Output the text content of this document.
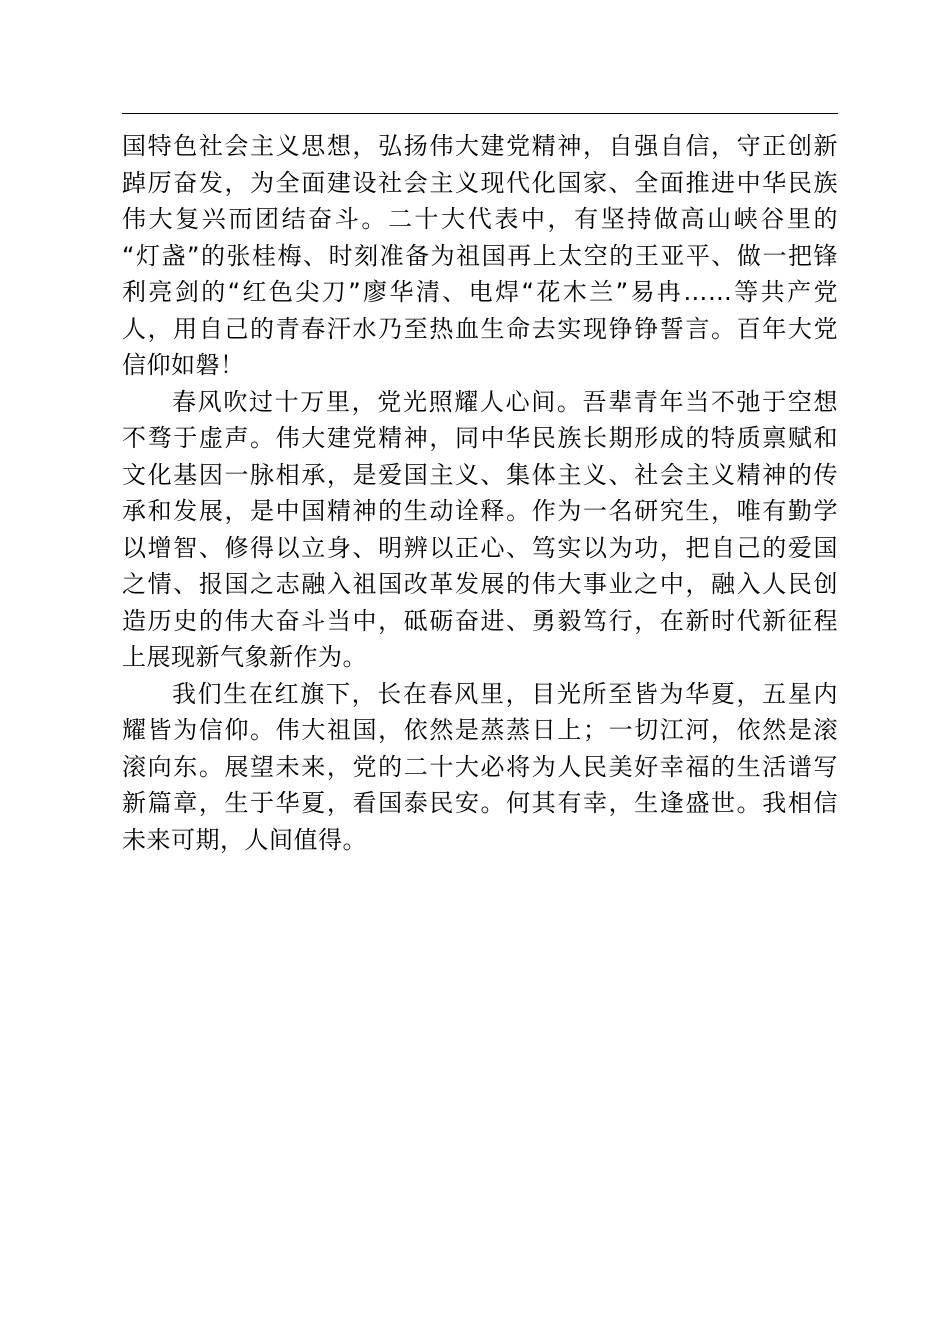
国特色社会主义思想，弘扬伟大建党精神，自强自信，守正创新
踔厉奋发，为全面建设社会主义现代化国家、全面推进中华民族
伟大复兴而团结奋斗。二十大代表中，有坚持做高山峡谷里的
“灯盏”的张桂梅、时刻准备为祖国再上太空的王亚平、做一把锋
利亮剑的“红色尖刀”廖华清、电焊“花木兰”易冉……等共产党
人，用自己的青春汗水乃至热血生命去实现铮铮誓言。百年大党
信仰如磐！
春风吹过十万里，党光照耀人心间。吾辈青年当不弛于空想
不骛于虚声。伟大建党精神，同中华民族长期形成的特质禀赋和
文化基因一脉相承，是爱国主义、集体主义、社会主义精神的传
承和发展，是中国精神的生动诠释。作为一名研究生，唯有勤学
以增智、修得以立身、明辨以正心、笃实以为功，把自己的爱国
之情、报国之志融入祖国改革发展的伟大事业之中，融入人民创
造历史的伟大奋斗当中，砥砺奋进、勇毅笃行，在新时代新征程
上展现新气象新作为。
我们生在红旗下，长在春风里，目光所至皆为华夏，五星内
耀皆为信仰。伟大祖国，依然是蒸蒸日上；一切江河，依然是滚
滚向东。展望未来，党的二十大必将为人民美好幸福的生活谱写
新篇章，生于华夏，看国泰民安。何其有幸，生逢盛世。我相信
未来可期，人间值得。
